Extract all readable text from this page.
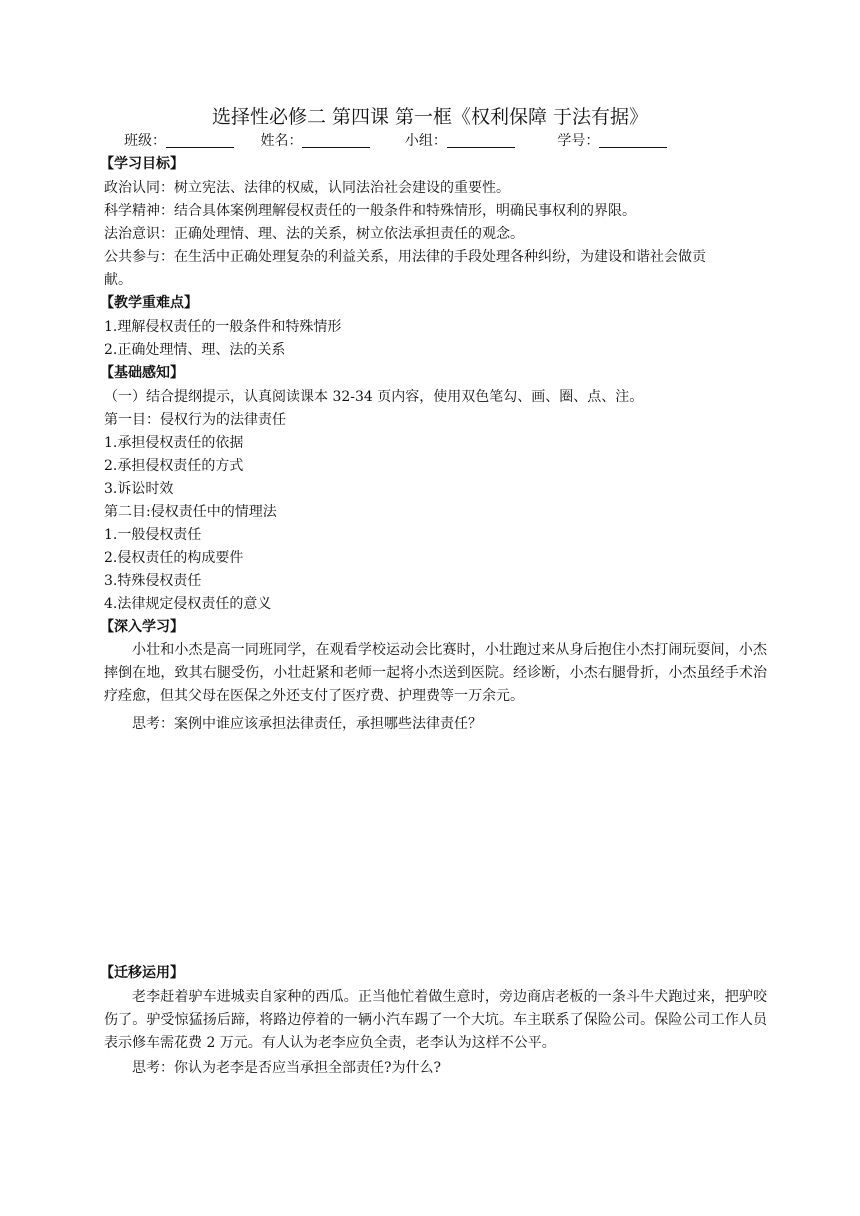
选择性必修二 第四课 第一框《权利保障 于法有据》
班级：	姓名：	小组：	学号：
【学习目标】
政治认同：树立宪法、法律的权威，认同法治社会建设的重要性。
科学精神：结合具体案例理解侵权责任的一般条件和特殊情形，明确民事权利的界限。
法治意识：正确处理情、理、法的关系，树立依法承担责任的观念。
公共参与：在生活中正确处理复杂的利益关系，用法律的手段处理各种纠纷，为建设和谐社会做贡
献。
【教学重难点】
1.理解侵权责任的一般条件和特殊情形
2.正确处理情、理、法的关系
【基础感知】
（一）结合提纲提示，认真阅读课本 32-34 页内容，使用双色笔勾、画、圈、点、注。
第一目：侵权行为的法律责任
1.承担侵权责任的依据
2.承担侵权责任的方式
3.诉讼时效
第二目:侵权责任中的情理法
1.一般侵权责任
2.侵权责任的构成要件
3.特殊侵权责任
4.法律规定侵权责任的意义
【深入学习】
小壮和小杰是高一同班同学，在观看学校运动会比赛时，小壮跑过来从身后抱住小杰打闹玩耍间，小杰摔倒在地，致其右腿受伤，小壮赶紧和老师一起将小杰送到医院。经诊断，小杰右腿骨折，小杰虽经手术治疗痊愈，但其父母在医保之外还支付了医疗费、护理费等一万余元。
思考：案例中谁应该承担法律责任，承担哪些法律责任？
【迁移运用】
老李赶着驴车进城卖自家种的西瓜。正当他忙着做生意时，旁边商店老板的一条斗牛犬跑过来，把驴咬伤了。驴受惊猛扬后蹄，将路边停着的一辆小汽车踢了一个大坑。车主联系了保险公司。保险公司工作人员表示修车需花费 2 万元。有人认为老李应负全责，老李认为这样不公平。
思考：你认为老李是否应当承担全部责任?为什么?
